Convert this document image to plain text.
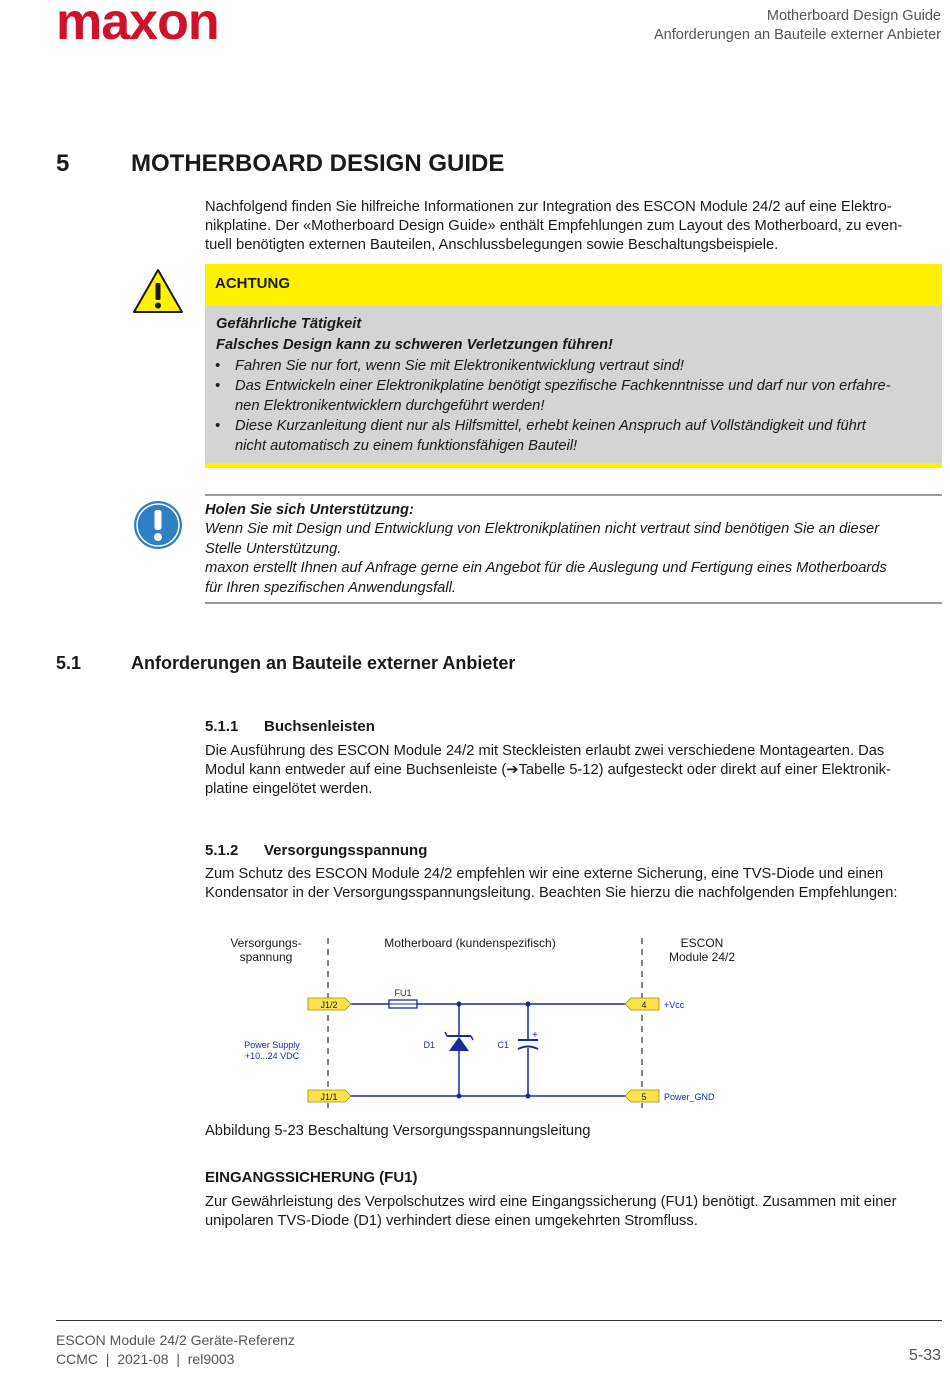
maxon	Motherboard Design Guide
Anforderungen an Bauteile externer Anbieter
5	MOTHERBOARD DESIGN GUIDE
Nachfolgend finden Sie hilfreiche Informationen zur Integration des ESCON Module 24/2 auf eine Elektro-
nikplatine. Der «Motherboard Design Guide» enthält Empfehlungen zum Layout des Motherboard, zu even-
tuell benötigten externen Bauteilen, Anschlussbelegungen sowie Beschaltungsbeispiele.
ACHTUNG
Gefährliche Tätigkeit
Falsches Design kann zu schweren Verletzungen führen!
• Fahren Sie nur fort, wenn Sie mit Elektronikentwicklung vertraut sind!
• Das Entwickeln einer Elektronikplatine benötigt spezifische Fachkenntnisse und darf nur von erfahre-
nen Elektronikentwicklern durchgeführt werden!
• Diese Kurzanleitung dient nur als Hilfsmittel, erhebt keinen Anspruch auf Vollständigkeit und führt
nicht automatisch zu einem funktionsfähigen Bauteil!
Holen Sie sich Unterstützung:
Wenn Sie mit Design und Entwicklung von Elektronikplatinen nicht vertraut sind benötigen Sie an dieser
Stelle Unterstützung.
maxon erstellt Ihnen auf Anfrage gerne ein Angebot für die Auslegung und Fertigung eines Motherboards
für Ihren spezifischen Anwendungsfall.
5.1	Anforderungen an Bauteile externer Anbieter
5.1.1 Buchsenleisten
Die Ausführung des ESCON Module 24/2 mit Steckleisten erlaubt zwei verschiedene Montagearten. Das
Modul kann entweder auf eine Buchsenleiste (➔Tabelle 5-12) aufgesteckt oder direkt auf einer Elektronik-
platine eingelötet werden.
5.1.2 Versorgungsspannung
Zum Schutz des ESCON Module 24/2 empfehlen wir eine externe Sicherung, eine TVS-Diode und einen
Kondensator in der Versorgungsspannungsleitung. Beachten Sie hierzu die nachfolgenden Empfehlungen:
Versorgungs-
spannung
Motherboard (kundenspezifisch)	ESCON
Module 24/2
FU1
D1	C1
+
J1/2
J1/1
4
5
+Vcc
Power_GND
Power Supply
+10...24 VDC
Abbildung 5-23 Beschaltung Versorgungsspannungsleitung
EINGANGSSICHERUNG (FU1)
Zur Gewährleistung des Verpolschutzes wird eine Eingangssicherung (FU1) benötigt. Zusammen mit einer
unipolaren TVS-Diode (D1) verhindert diese einen umgekehrten Stromfluss.
ESCON Module 24/2 Geräte-Referenz
CCMC  |  2021-08  |  rel9003	5-33
